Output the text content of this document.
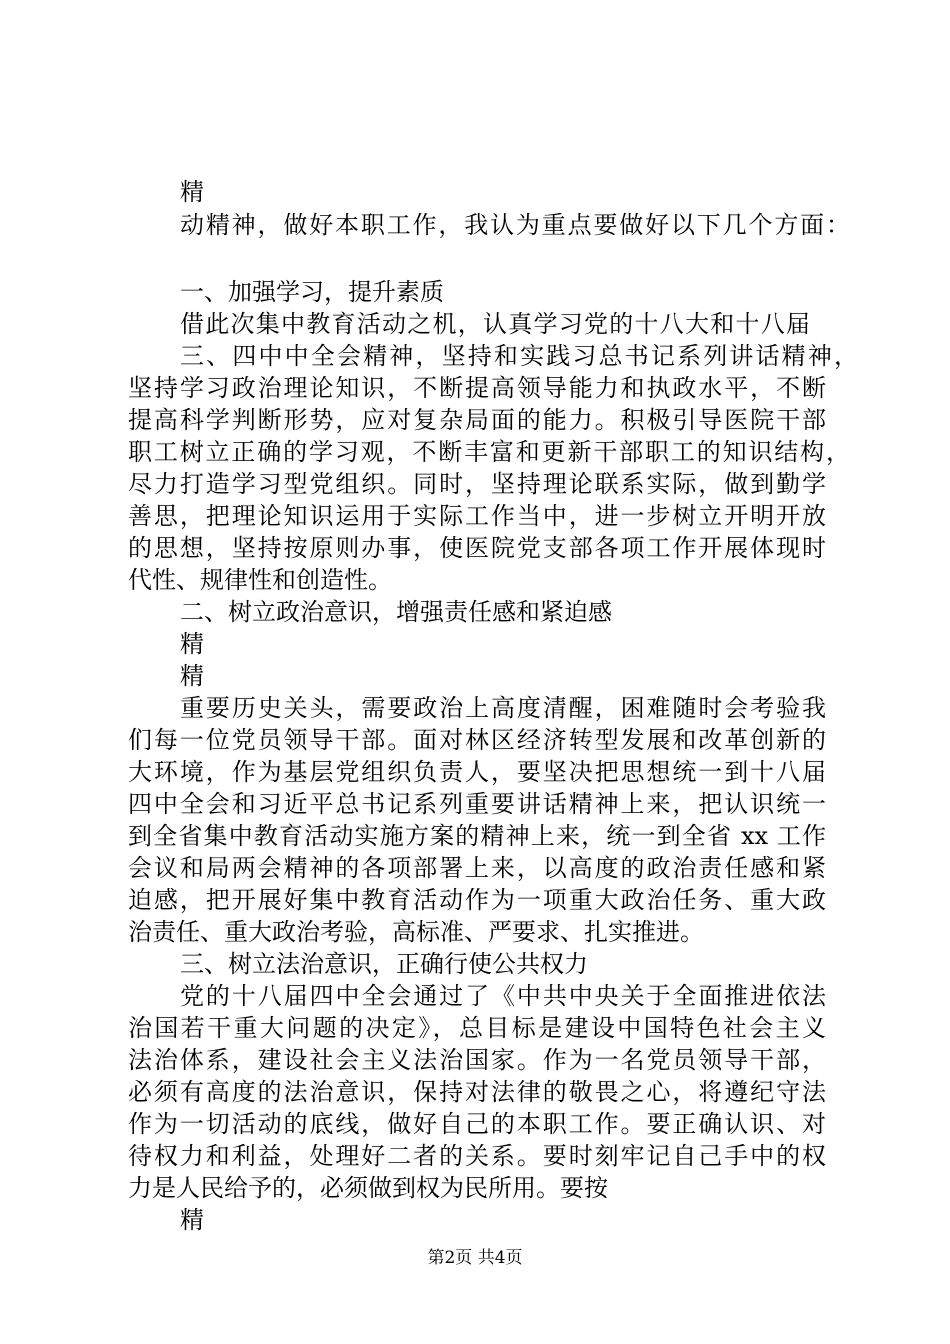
精

动精神，做好本职工作，我认为重点要做好以下几个方面：

一、加强学习，提升素质

借此次集中教育活动之机，认真学习党的十八大和十八届

三、四中中全会精神，坚持和实践习总书记系列讲话精神，

坚持学习政治理论知识，不断提高领导能力和执政水平，不断

提高科学判断形势，应对复杂局面的能力。积极引导医院干部

职工树立正确的学习观，不断丰富和更新干部职工的知识结构，

尽力打造学习型党组织。同时，坚持理论联系实际，做到勤学

善思，把理论知识运用于实际工作当中，进一步树立开明开放

的思想，坚持按原则办事，使医院党支部各项工作开展体现时

代性、规律性和创造性。

二、树立政治意识，增强责任感和紧迫感

精

精

重要历史关头，需要政治上高度清醒，困难随时会考验我

们每一位党员领导干部。面对林区经济转型发展和改革创新的

大环境，作为基层党组织负责人，要坚决把思想统一到十八届

四中全会和习近平总书记系列重要讲话精神上来，把认识统一

到全省集中教育活动实施方案的精神上来，统一到全省 xx 工作

会议和局两会精神的各项部署上来，以高度的政治责任感和紧

迫感，把开展好集中教育活动作为一项重大政治任务、重大政

治责任、重大政治考验，高标准、严要求、扎实推进。

三、树立法治意识，正确行使公共权力

党的十八届四中全会通过了《中共中央关于全面推进依法

治国若干重大问题的决定》，总目标是建设中国特色社会主义

法治体系，建设社会主义法治国家。作为一名党员领导干部，

必须有高度的法治意识，保持对法律的敬畏之心，将遵纪守法

作为一切活动的底线，做好自己的本职工作。要正确认识、对

待权力和利益，处理好二者的关系。要时刻牢记自己手中的权

力是人民给予的，必须做到权为民所用。要按

精

第2页 共4页
